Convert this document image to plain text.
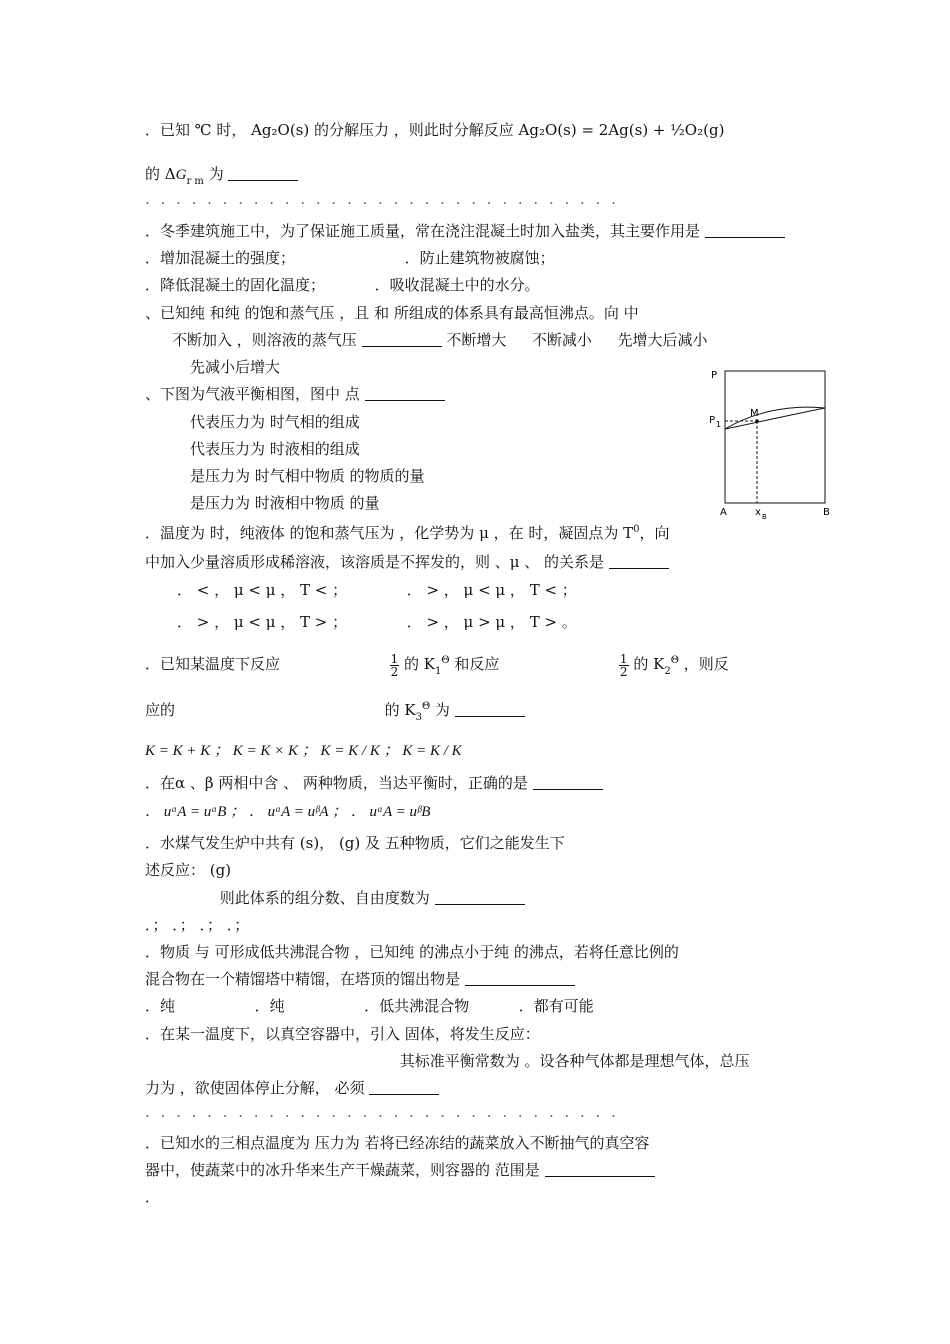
．已知 ℃ 时， Ag₂O(s) 的分解压力 ，则此时分解反应 Ag₂O(s) = 2Ag(s) + ½O₂(g)
的 $\Delta G_{r m}$ 为
· · · · · · · · · · · · · · · · · · · · · · · · · · · · · · ·
．冬季建筑施工中，为了保证施工质量，常在浇注混凝土时加入盐类，其主要作用是
．增加混凝土的强度；	．防止建筑物被腐蚀；
．降低混凝土的固化温度；	．吸收混凝土中的水分。
、已知纯 和纯 的饱和蒸气压 ，且 和 所组成的体系具有最高恒沸点。向 中
不断加入 ，则溶液的蒸气压	不断增大 不断减小 先增大后减小
先减小后增大
、下图为气液平衡相图，图中 点
代表压力为 时气相的组成
代表压力为 时液相的组成
是压力为 时气相中物质 的物质的量
是压力为 时液相中物质 的量
P
P 1
M
A	B
x B
．温度为 时，纯液体 的饱和蒸气压为 ，化学势为 μ ，在 时，凝固点为 $T^0$，向
中加入少量溶质形成稀溶液，该溶质是不挥发的，则 、μ 、 的关系是
． < ， μ < μ ， T < ；	． > ， μ < μ ， T < ；
． > ， μ < μ ， T > ；	． > ， μ > μ ， T > 。
．已知某温度下反应	$\frac{1}{2}$ 的 $K_1^\Theta$ 和反应	$\frac{1}{2}$ 的 $K_2^\Theta$ ，则反
应的	的 $K_3^\Theta$ 为
K = K + K ； K = K × K ； K = K / K ； K = K / K
．在α 、β 两相中含 、 两种物质，当达平衡时，正确的是
． uᵅA = uᵅB ； ． uᵅA = uᵝA ； ． uᵅA = uᵝB
．水煤气发生炉中共有 (s)， (g) 及 五种物质，它们之能发生下
述反应： (g)
则此体系的组分数、自由度数为
．； ．； ．； ．；
．物质 与 可形成低共沸混合物 ，已知纯 的沸点小于纯 的沸点，若将任意比例的
混合物在一个精馏塔中精馏，在塔顶的馏出物是
．纯	．纯	．低共沸混合物	．都有可能
．在某一温度下，以真空容器中，引入 固体，将发生反应：
其标准平衡常数为 。设各种气体都是理想气体，总压
力为 ，欲使固体停止分解， 必须
· · · · · · · · · · · · · · · · · · · · · · · · · · · · · · ·
．已知水的三相点温度为 压力为 若将已经冻结的蔬菜放入不断抽气的真空容
器中，使蔬菜中的冰升华来生产干燥蔬菜，则容器的 范围是
．
